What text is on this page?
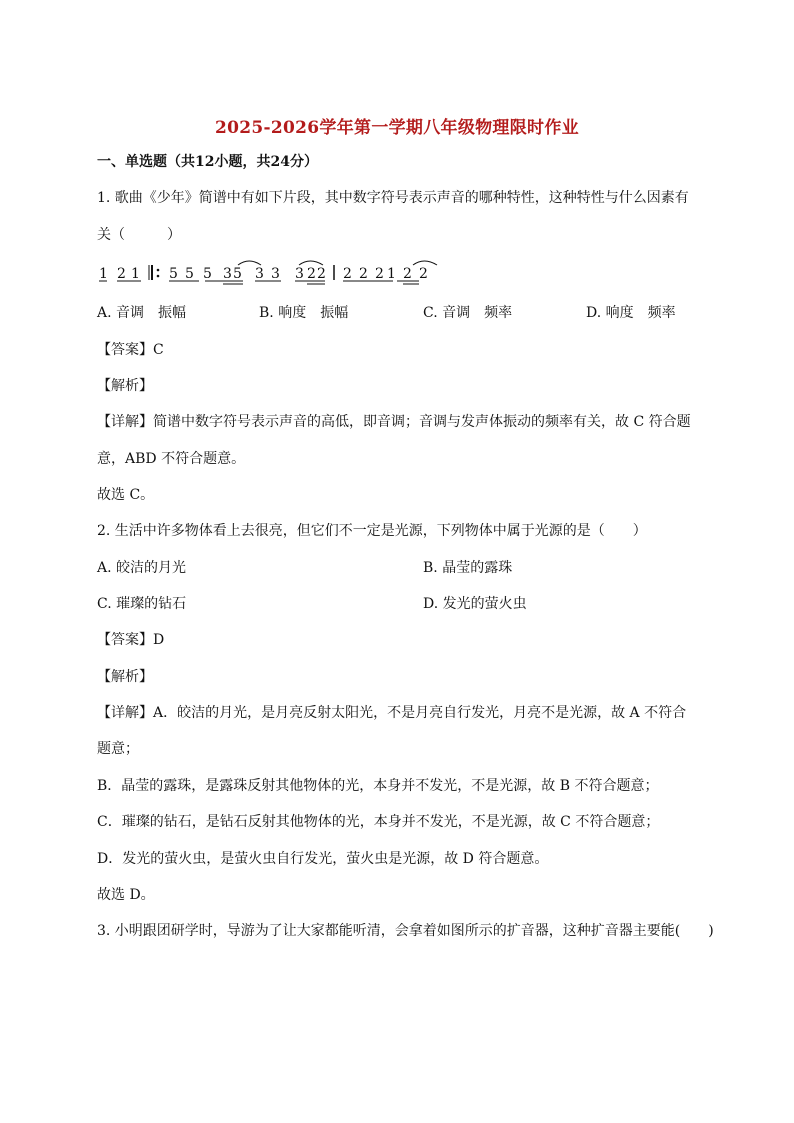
2025-2026学年第一学期八年级物理限时作业
一、单选题（共12小题，共24分）
1. 歌曲《少年》简谱中有如下片段，其中数字符号表示声音的哪种特性，这种特性与什么因素有
关（　　　）
1 2 1 5 5 5 3 5 3 3 3 2 2 2 2 2 1 2 2
A. 音调　振幅	B. 响度　振幅	C. 音调　频率	D. 响度　频率
【答案】C
【解析】
【详解】简谱中数字符号表示声音的高低，即音调；音调与发声体振动的频率有关，故 C 符合题
意，ABD 不符合题意。
故选 C。
2. 生活中许多物体看上去很亮，但它们不一定是光源，下列物体中属于光源的是（　　）
A. 皎洁的月光	B. 晶莹的露珠
C. 璀璨的钻石	D. 发光的萤火虫
【答案】D
【解析】
【详解】A．皎洁的月光，是月亮反射太阳光，不是月亮自行发光，月亮不是光源，故 A 不符合
题意；
B．晶莹的露珠，是露珠反射其他物体的光，本身并不发光，不是光源，故 B 不符合题意；
C．璀璨的钻石，是钻石反射其他物体的光，本身并不发光，不是光源，故 C 不符合题意；
D．发光的萤火虫，是萤火虫自行发光，萤火虫是光源，故 D 符合题意。
故选 D。
3. 小明跟团研学时，导游为了让大家都能听清，会拿着如图所示的扩音器，这种扩音器主要能(　　)
